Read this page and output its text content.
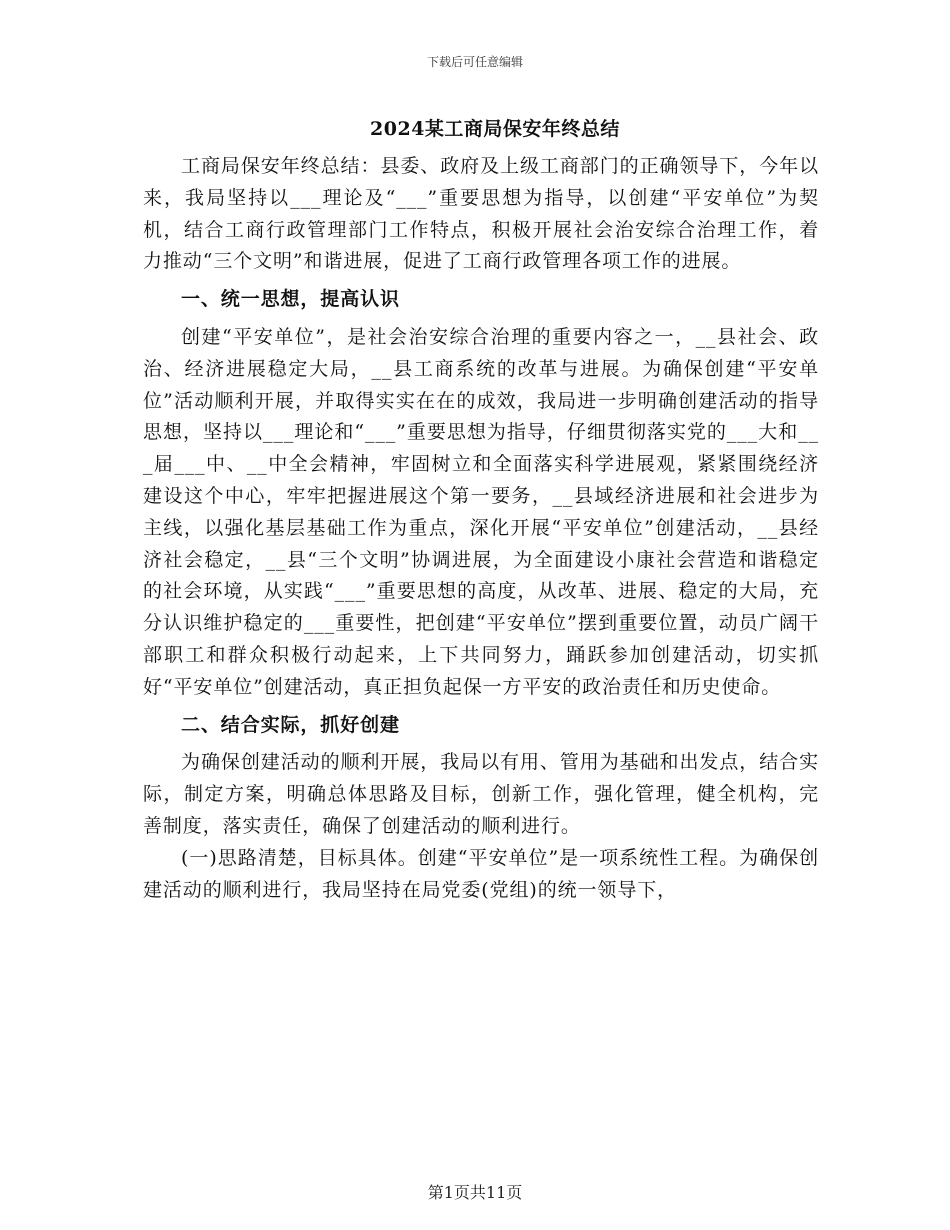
下载后可任意编辑
2024某工商局保安年终总结

工商局保安年终总结：县委、政府及上级工商部门的正确领导下，今年以来，我局坚持以___理论及“___”重要思想为指导，以创建“平安单位”为契机，结合工商行政管理部门工作特点，积极开展社会治安综合治理工作，着力推动“三个文明”和谐进展，促进了工商行政管理各项工作的进展。

一、统一思想，提高认识

创建“平安单位”，是社会治安综合治理的重要内容之一，__县社会、政治、经济进展稳定大局，__县工商系统的改革与进展。为确保创建“平安单位”活动顺利开展，并取得实实在在的成效，我局进一步明确创建活动的指导思想，坚持以___理论和“___”重要思想为指导，仔细贯彻落实党的___大和___届___中、__中全会精神，牢固树立和全面落实科学进展观，紧紧围绕经济建设这个中心，牢牢把握进展这个第一要务，__县域经济进展和社会进步为主线，以强化基层基础工作为重点，深化开展“平安单位”创建活动，__县经济社会稳定，__县“三个文明”协调进展，为全面建设小康社会营造和谐稳定的社会环境，从实践“___”重要思想的高度，从改革、进展、稳定的大局，充分认识维护稳定的___重要性，把创建“平安单位”摆到重要位置，动员广阔干部职工和群众积极行动起来，上下共同努力，踊跃参加创建活动，切实抓好“平安单位”创建活动，真正担负起保一方平安的政治责任和历史使命。

二、结合实际，抓好创建

为确保创建活动的顺利开展，我局以有用、管用为基础和出发点，结合实际，制定方案，明确总体思路及目标，创新工作，强化管理，健全机构，完善制度，落实责任，确保了创建活动的顺利进行。

(一)思路清楚，目标具体。创建“平安单位”是一项系统性工程。为确保创建活动的顺利进行，我局坚持在局党委(党组)的统一领导下，

第1页共11页
